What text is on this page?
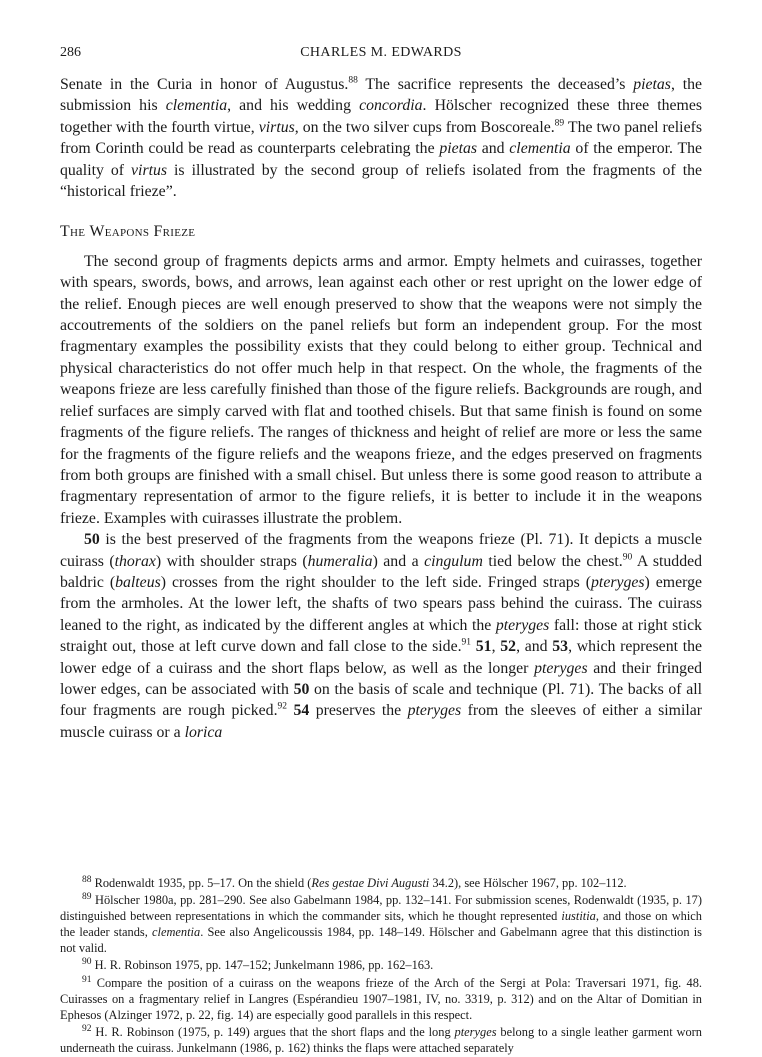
286	CHARLES M. EDWARDS

Senate in the Curia in honor of Augustus.$^{88}$ The sacrifice represents the deceased’s pietas, the submission his clementia, and his wedding concordia. Hölscher recognized these three themes together with the fourth virtue, virtus, on the two silver cups from Boscoreale.$^{89}$ The two panel reliefs from Corinth could be read as counterparts celebrating the pietas and clementia of the emperor. The quality of virtus is illustrated by the second group of reliefs isolated from the fragments of the “historical frieze”.

The Weapons Frieze

The second group of fragments depicts arms and armor. Empty helmets and cuirasses, together with spears, swords, bows, and arrows, lean against each other or rest upright on the lower edge of the relief. Enough pieces are well enough preserved to show that the weapons were not simply the accoutrements of the soldiers on the panel reliefs but form an independent group. For the most fragmentary examples the possibility exists that they could belong to either group. Technical and physical characteristics do not offer much help in that respect. On the whole, the fragments of the weapons frieze are less carefully finished than those of the figure reliefs. Backgrounds are rough, and relief surfaces are simply carved with flat and toothed chisels. But that same finish is found on some fragments of the figure reliefs. The ranges of thickness and height of relief are more or less the same for the fragments of the figure reliefs and the weapons frieze, and the edges preserved on fragments from both groups are finished with a small chisel. But unless there is some good reason to attribute a fragmentary representation of armor to the figure reliefs, it is better to include it in the weapons frieze. Examples with cuirasses illustrate the problem.

50 is the best preserved of the fragments from the weapons frieze (Pl. 71). It depicts a muscle cuirass (thorax) with shoulder straps (humeralia) and a cingulum tied below the chest.$^{90}$ A studded baldric (balteus) crosses from the right shoulder to the left side. Fringed straps (pteryges) emerge from the armholes. At the lower left, the shafts of two spears pass behind the cuirass. The cuirass leaned to the right, as indicated by the different angles at which the pteryges fall: those at right stick straight out, those at left curve down and fall close to the side.$^{91}$ 51, 52, and 53, which represent the lower edge of a cuirass and the short flaps below, as well as the longer pteryges and their fringed lower edges, can be associated with 50 on the basis of scale and technique (Pl. 71). The backs of all four fragments are rough picked.$^{92}$ 54 preserves the pteryges from the sleeves of either a similar muscle cuirass or a lorica

$^{88}$ Rodenwaldt 1935, pp. 5–17. On the shield (Res gestae Divi Augusti 34.2), see Hölscher 1967, pp. 102–112.

$^{89}$ Hölscher 1980a, pp. 281–290. See also Gabelmann 1984, pp. 132–141. For submission scenes, Rodenwaldt (1935, p. 17) distinguished between representations in which the commander sits, which he thought represented iustitia, and those on which the leader stands, clementia. See also Angelicoussis 1984, pp. 148–149. Hölscher and Gabelmann agree that this distinction is not valid.

$^{90}$ H. R. Robinson 1975, pp. 147–152; Junkelmann 1986, pp. 162–163.

$^{91}$ Compare the position of a cuirass on the weapons frieze of the Arch of the Sergi at Pola: Traversari 1971, fig. 48. Cuirasses on a fragmentary relief in Langres (Espérandieu 1907–1981, IV, no. 3319, p. 312) and on the Altar of Domitian in Ephesos (Alzinger 1972, p. 22, fig. 14) are especially good parallels in this respect.

$^{92}$ H. R. Robinson (1975, p. 149) argues that the short flaps and the long pteryges belong to a single leather garment worn underneath the cuirass. Junkelmann (1986, p. 162) thinks the flaps were attached separately
